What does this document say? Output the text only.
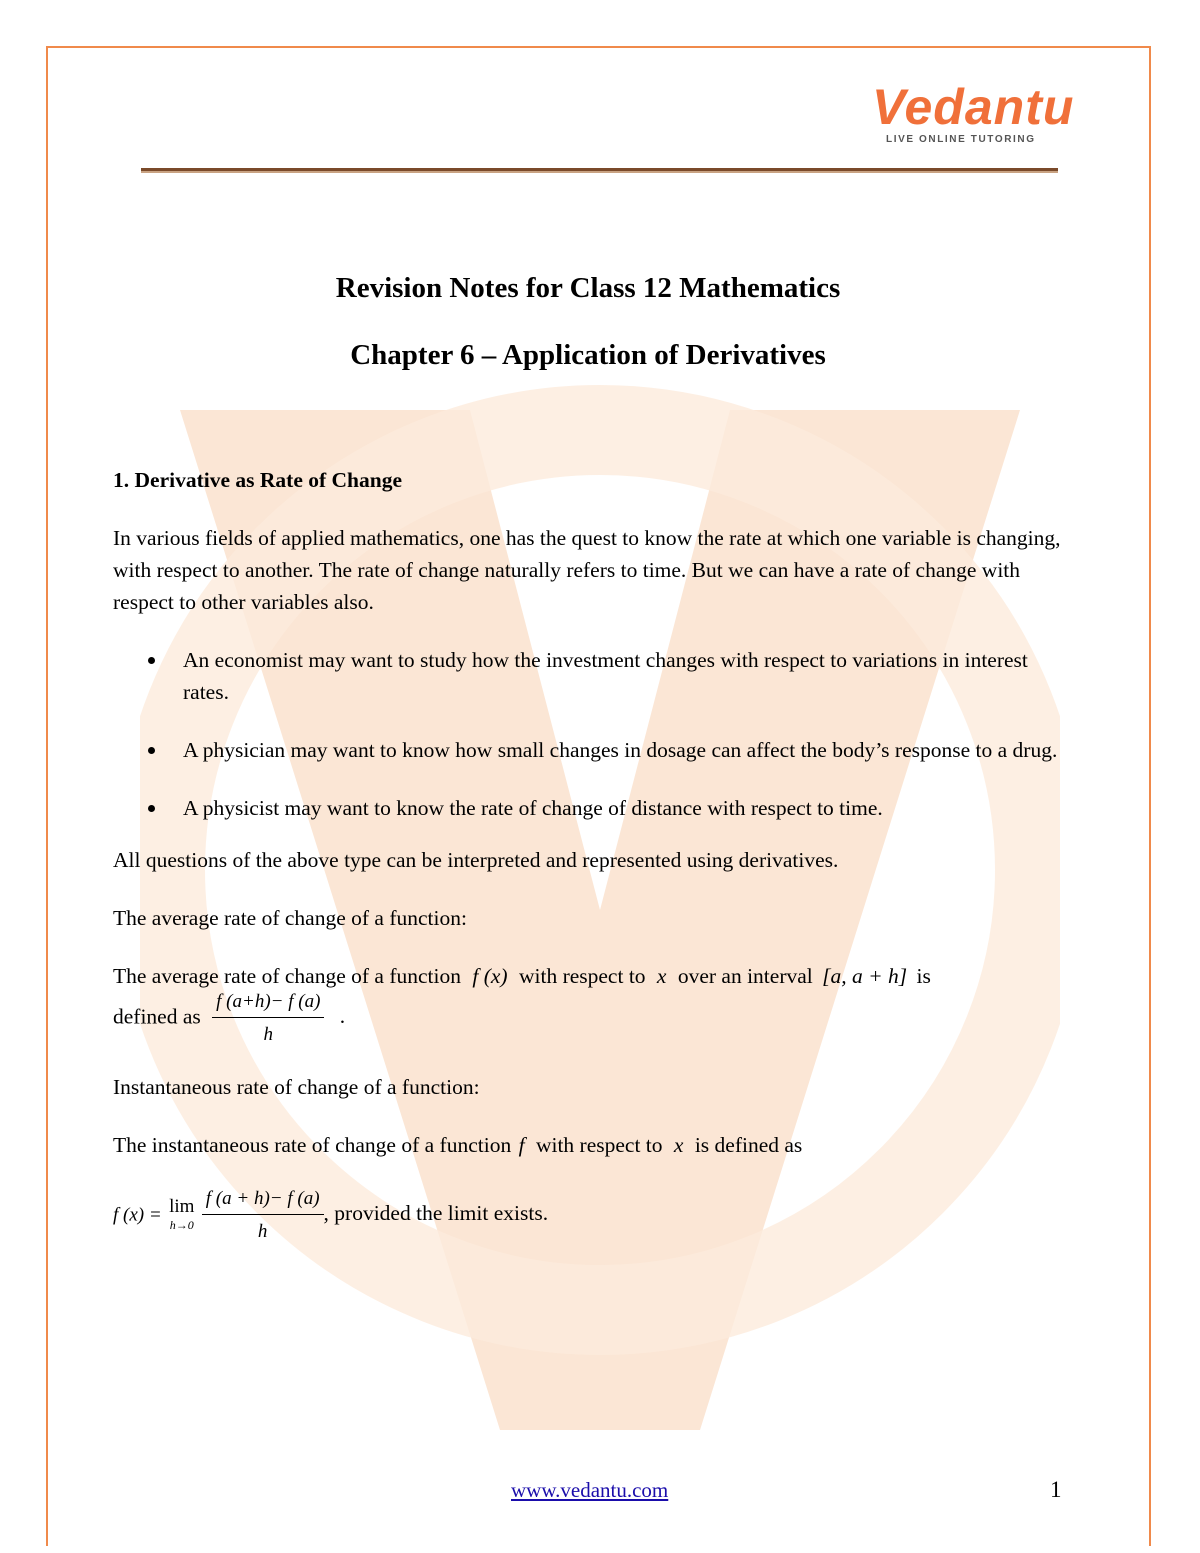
Vedantu
LIVE ONLINE TUTORING
Revision Notes for Class 12 Mathematics
Chapter 6 – Application of Derivatives

1. Derivative as Rate of Change

In various fields of applied mathematics, one has the quest to know the rate at which one variable is changing, with respect to another. The rate of change naturally refers to time. But we can have a rate of change with respect to other variables also.

An economist may want to study how the investment changes with respect to variations in interest rates.
A physician may want to know how small changes in dosage can affect the body’s response to a drug.
A physicist may want to know the rate of change of distance with respect to time.

All questions of the above type can be interpreted and represented using derivatives.

The average rate of change of a function:

The average rate of change of a function f (x) with respect to x over an interval [a, a + h] is

defined as $\frac{f (a+h)- f (a)}{h}$ .

Instantaneous rate of change of a function:

The instantaneous rate of change of a function f with respect to x is defined as

f (x) = lim
h→0
$\frac{f (a + h)- f (a)}{h}$ , provided the limit exists.

www.vedantu.com	1
